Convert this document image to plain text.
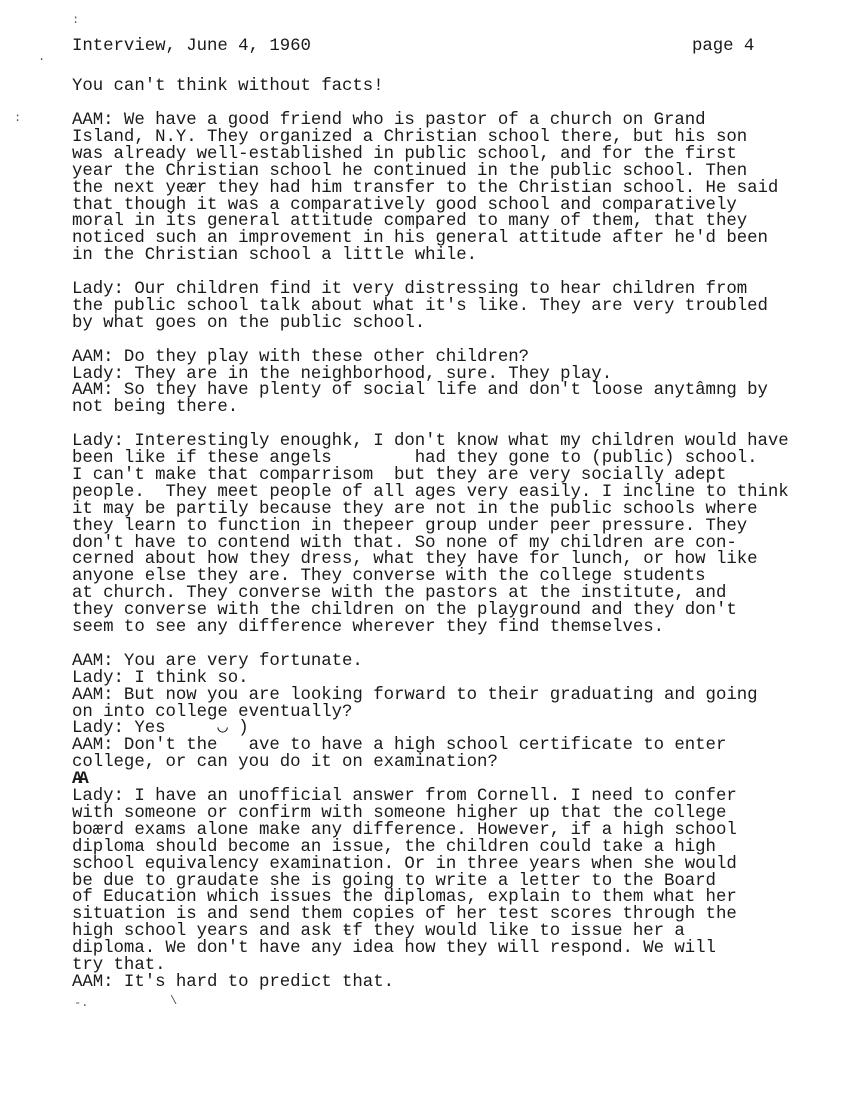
Interview, June 4, 1960	page 4
You can't think without facts!
AAM: We have a good friend who is pastor of a church on Grand
Island, N.Y. They organized a Christian school there, but his son
was already well-established in public school, and for the first
year the Christian school he continued in the public school. Then
the next yeær they had him transfer to the Christian school. He said
that though it was a comparatively good school and comparatively
moral in its general attitude compared to many of them, that they
noticed such an improvement in his general attitude after he'd been
in the Christian school a little while.
Lady: Our children find it very distressing to hear children from
the public school talk about what it's like. They are very troubled
by what goes on the public school.
AAM: Do they play with these other children?
Lady: They are in the neighborhood, sure. They play.
AAM: So they have plenty of social life and don't loose anytâmng by
not being there.
Lady: Interestingly enoughk, I don't know what my children would have
been like if these angels        had they gone to (public) school.
I can't make that comparrisom  but they are very socially adept
people.  They meet people of all ages very easily. I incline to think
it may be partily because they are not in the public schools where
they learn to function in thepeer group under peer pressure. They
don't have to contend with that. So none of my children are con-
cerned about how they dress, what they have for lunch, or how like
anyone else they are. They converse with the college students
at church. They converse with the pastors at the institute, and
they converse with the children on the playground and they don't
seem to see any difference wherever they find themselves.
AAM: You are very fortunate.
Lady: I think so.
AAM: But now you are looking forward to their graduating and going
on into college eventually?
Lady: Yes     ◡ )
AAM: Don't the   ave to have a high school certificate to enter
college, or can you do it on examination?
AA
Lady: I have an unofficial answer from Cornell. I need to confer
with someone or confirm with someone higher up that the college
boærd exams alone make any difference. However, if a high school
diploma should become an issue, the children could take a high
school equivalency examination. Or in three years when she would
be due to graudate she is going to write a letter to the Board
of Education which issues the diplomas, explain to them what her
situation is and send them copies of her test scores through the
high school years and ask ŧf they would like to issue her a
diploma. We don't have any idea how they will respond. We will
try that.
AAM: It's hard to predict that.
:
.
:
\
-.
